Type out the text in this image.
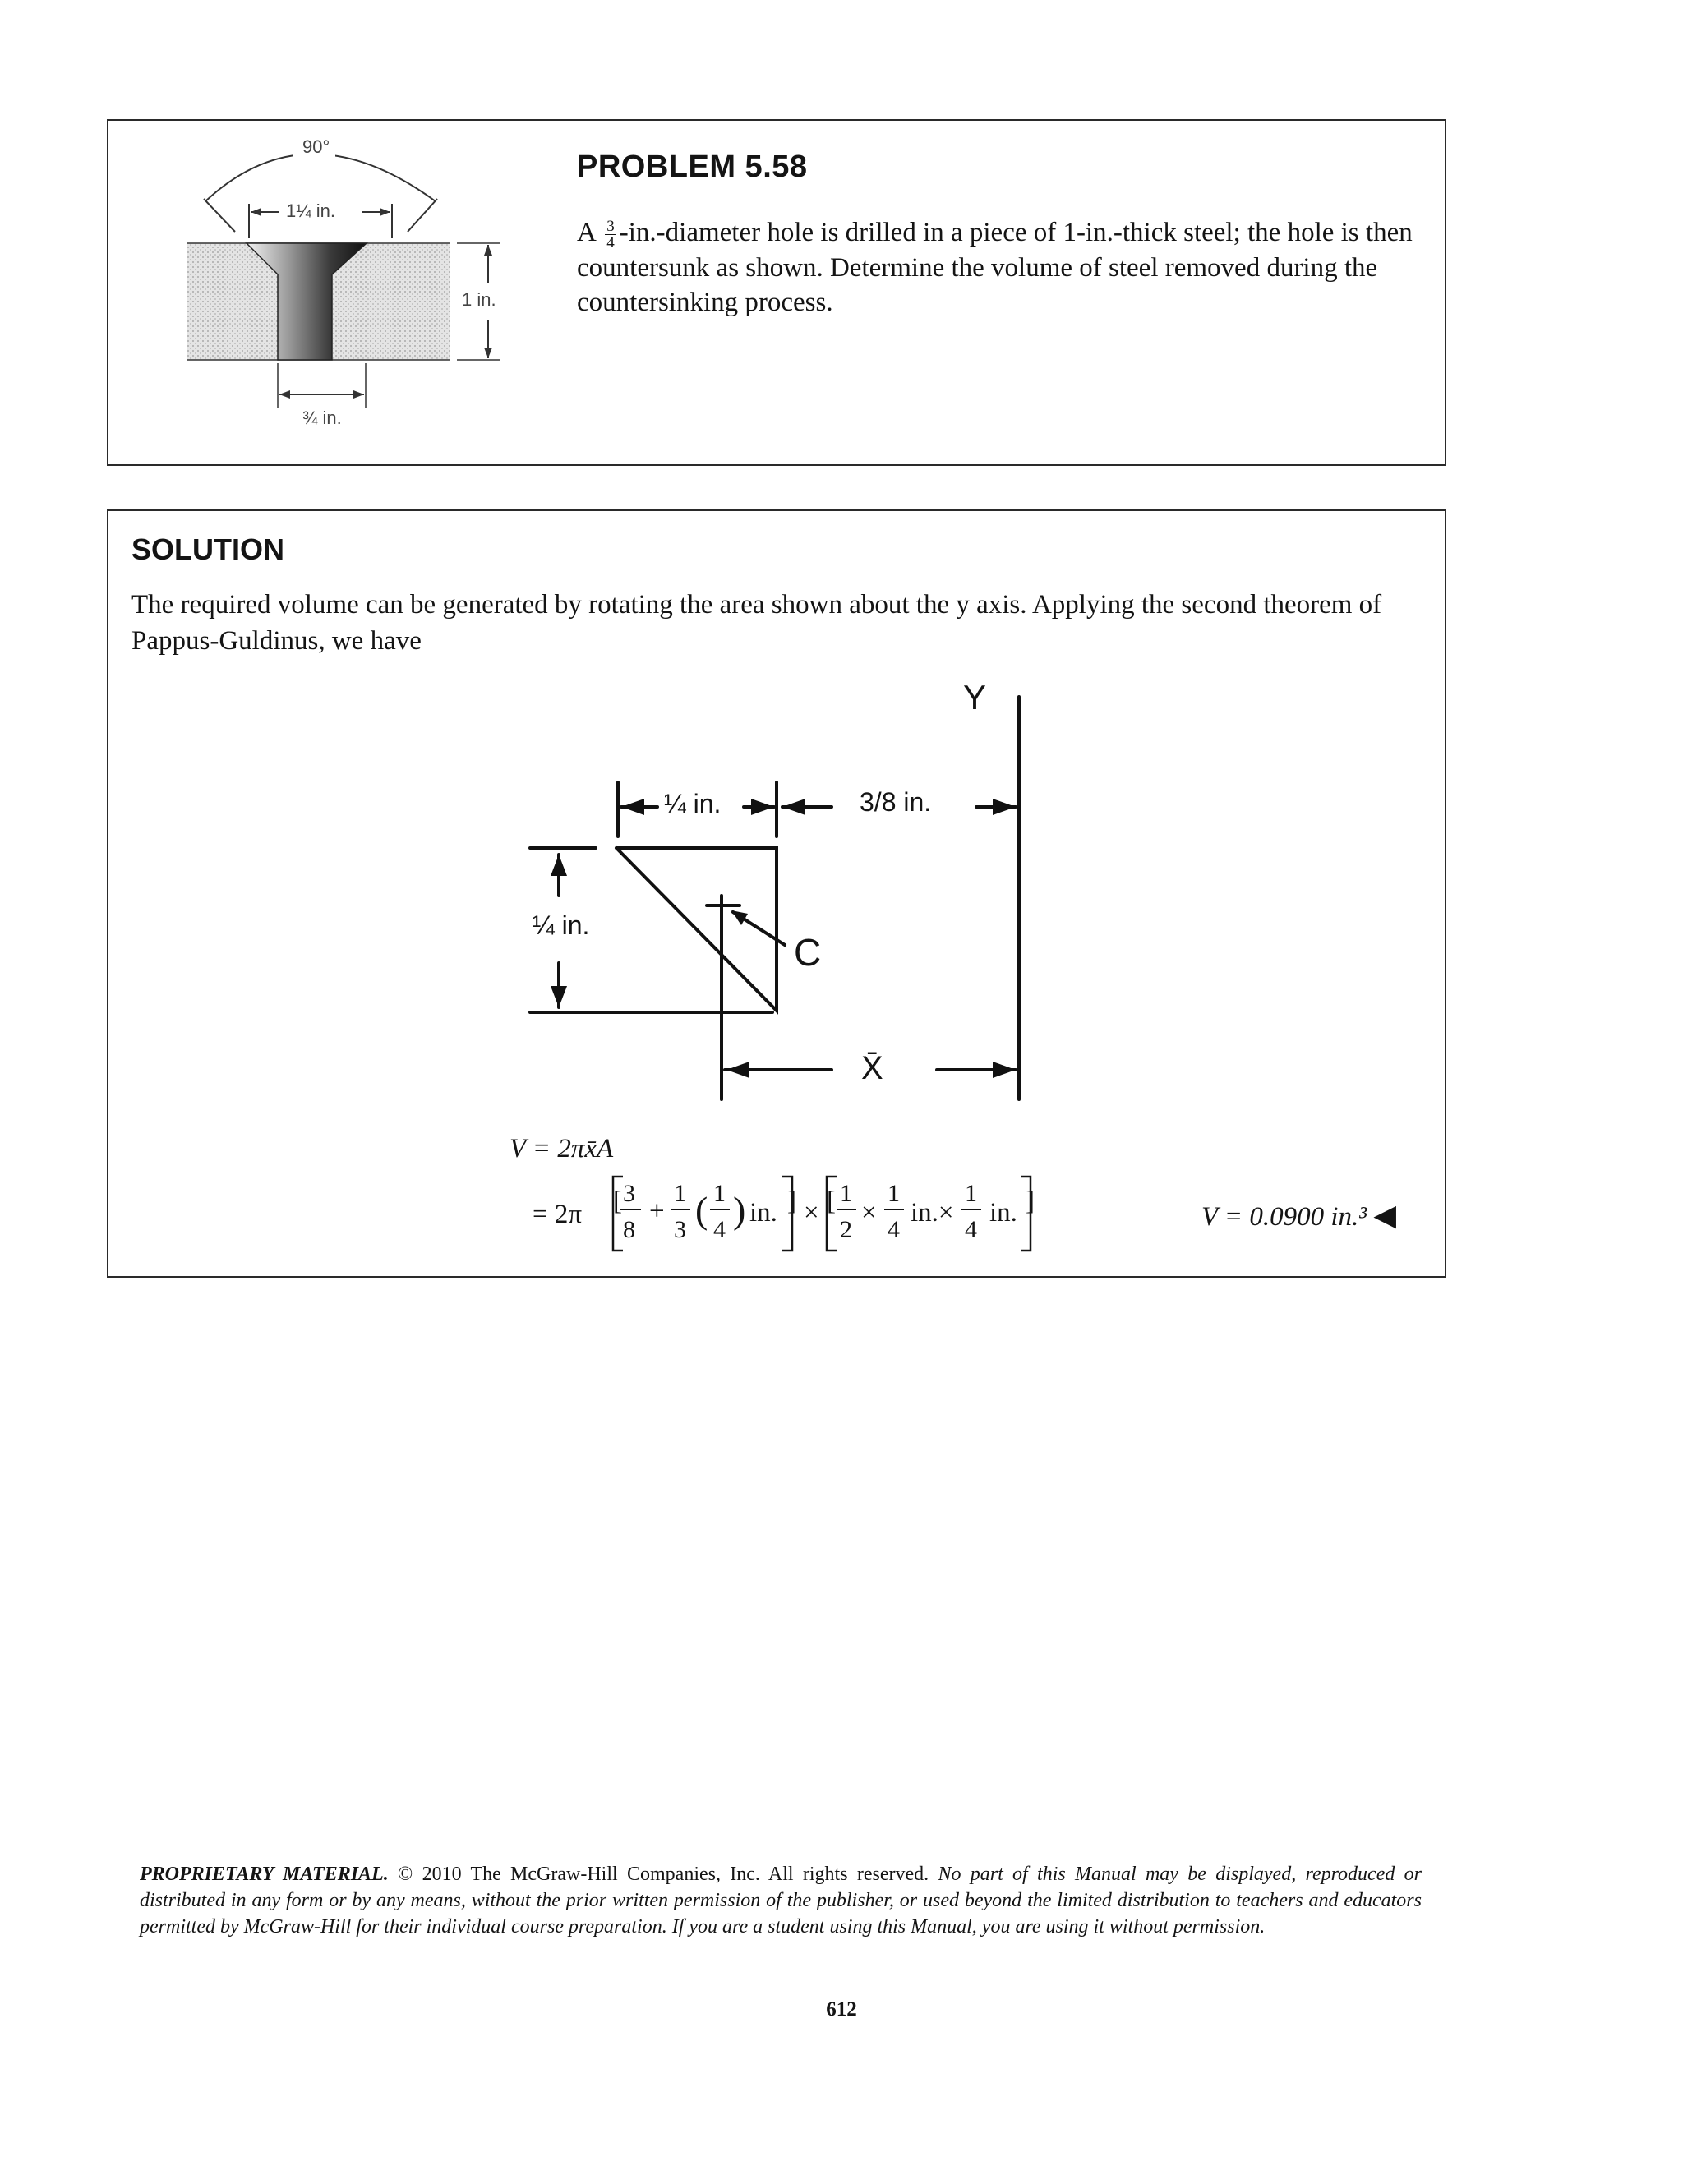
90°
1¼ in.
1 in.
¾ in.
PROBLEM 5.58
A $\frac{3}{4}$ -in.-diameter hole is drilled in a piece of 1-in.-thick steel; the hole is then countersunk as shown. Determine the volume of steel removed during the countersinking process.
SOLUTION
The required volume can be generated by rotating the area shown about the y axis. Applying the second theorem of Pappus-Guldinus, we have
Y
¼ in.	3/8 in.
¼ in.
C
X̄
V = 2πx̄A
= 2π [ 3
8
+
1
3 ( 1
4 ) in. ] × [ 1
2
×
1
4
in.×
1
4
in. ]
V = 0.0900 in.³ ◀
PROPRIETARY MATERIAL. © 2010 The McGraw-Hill Companies, Inc. All rights reserved. No part of this Manual may be displayed, reproduced or distributed in any form or by any means, without the prior written permission of the publisher, or used beyond the limited distribution to teachers and educators permitted by McGraw-Hill for their individual course preparation. If you are a student using this Manual, you are using it without permission.
612
